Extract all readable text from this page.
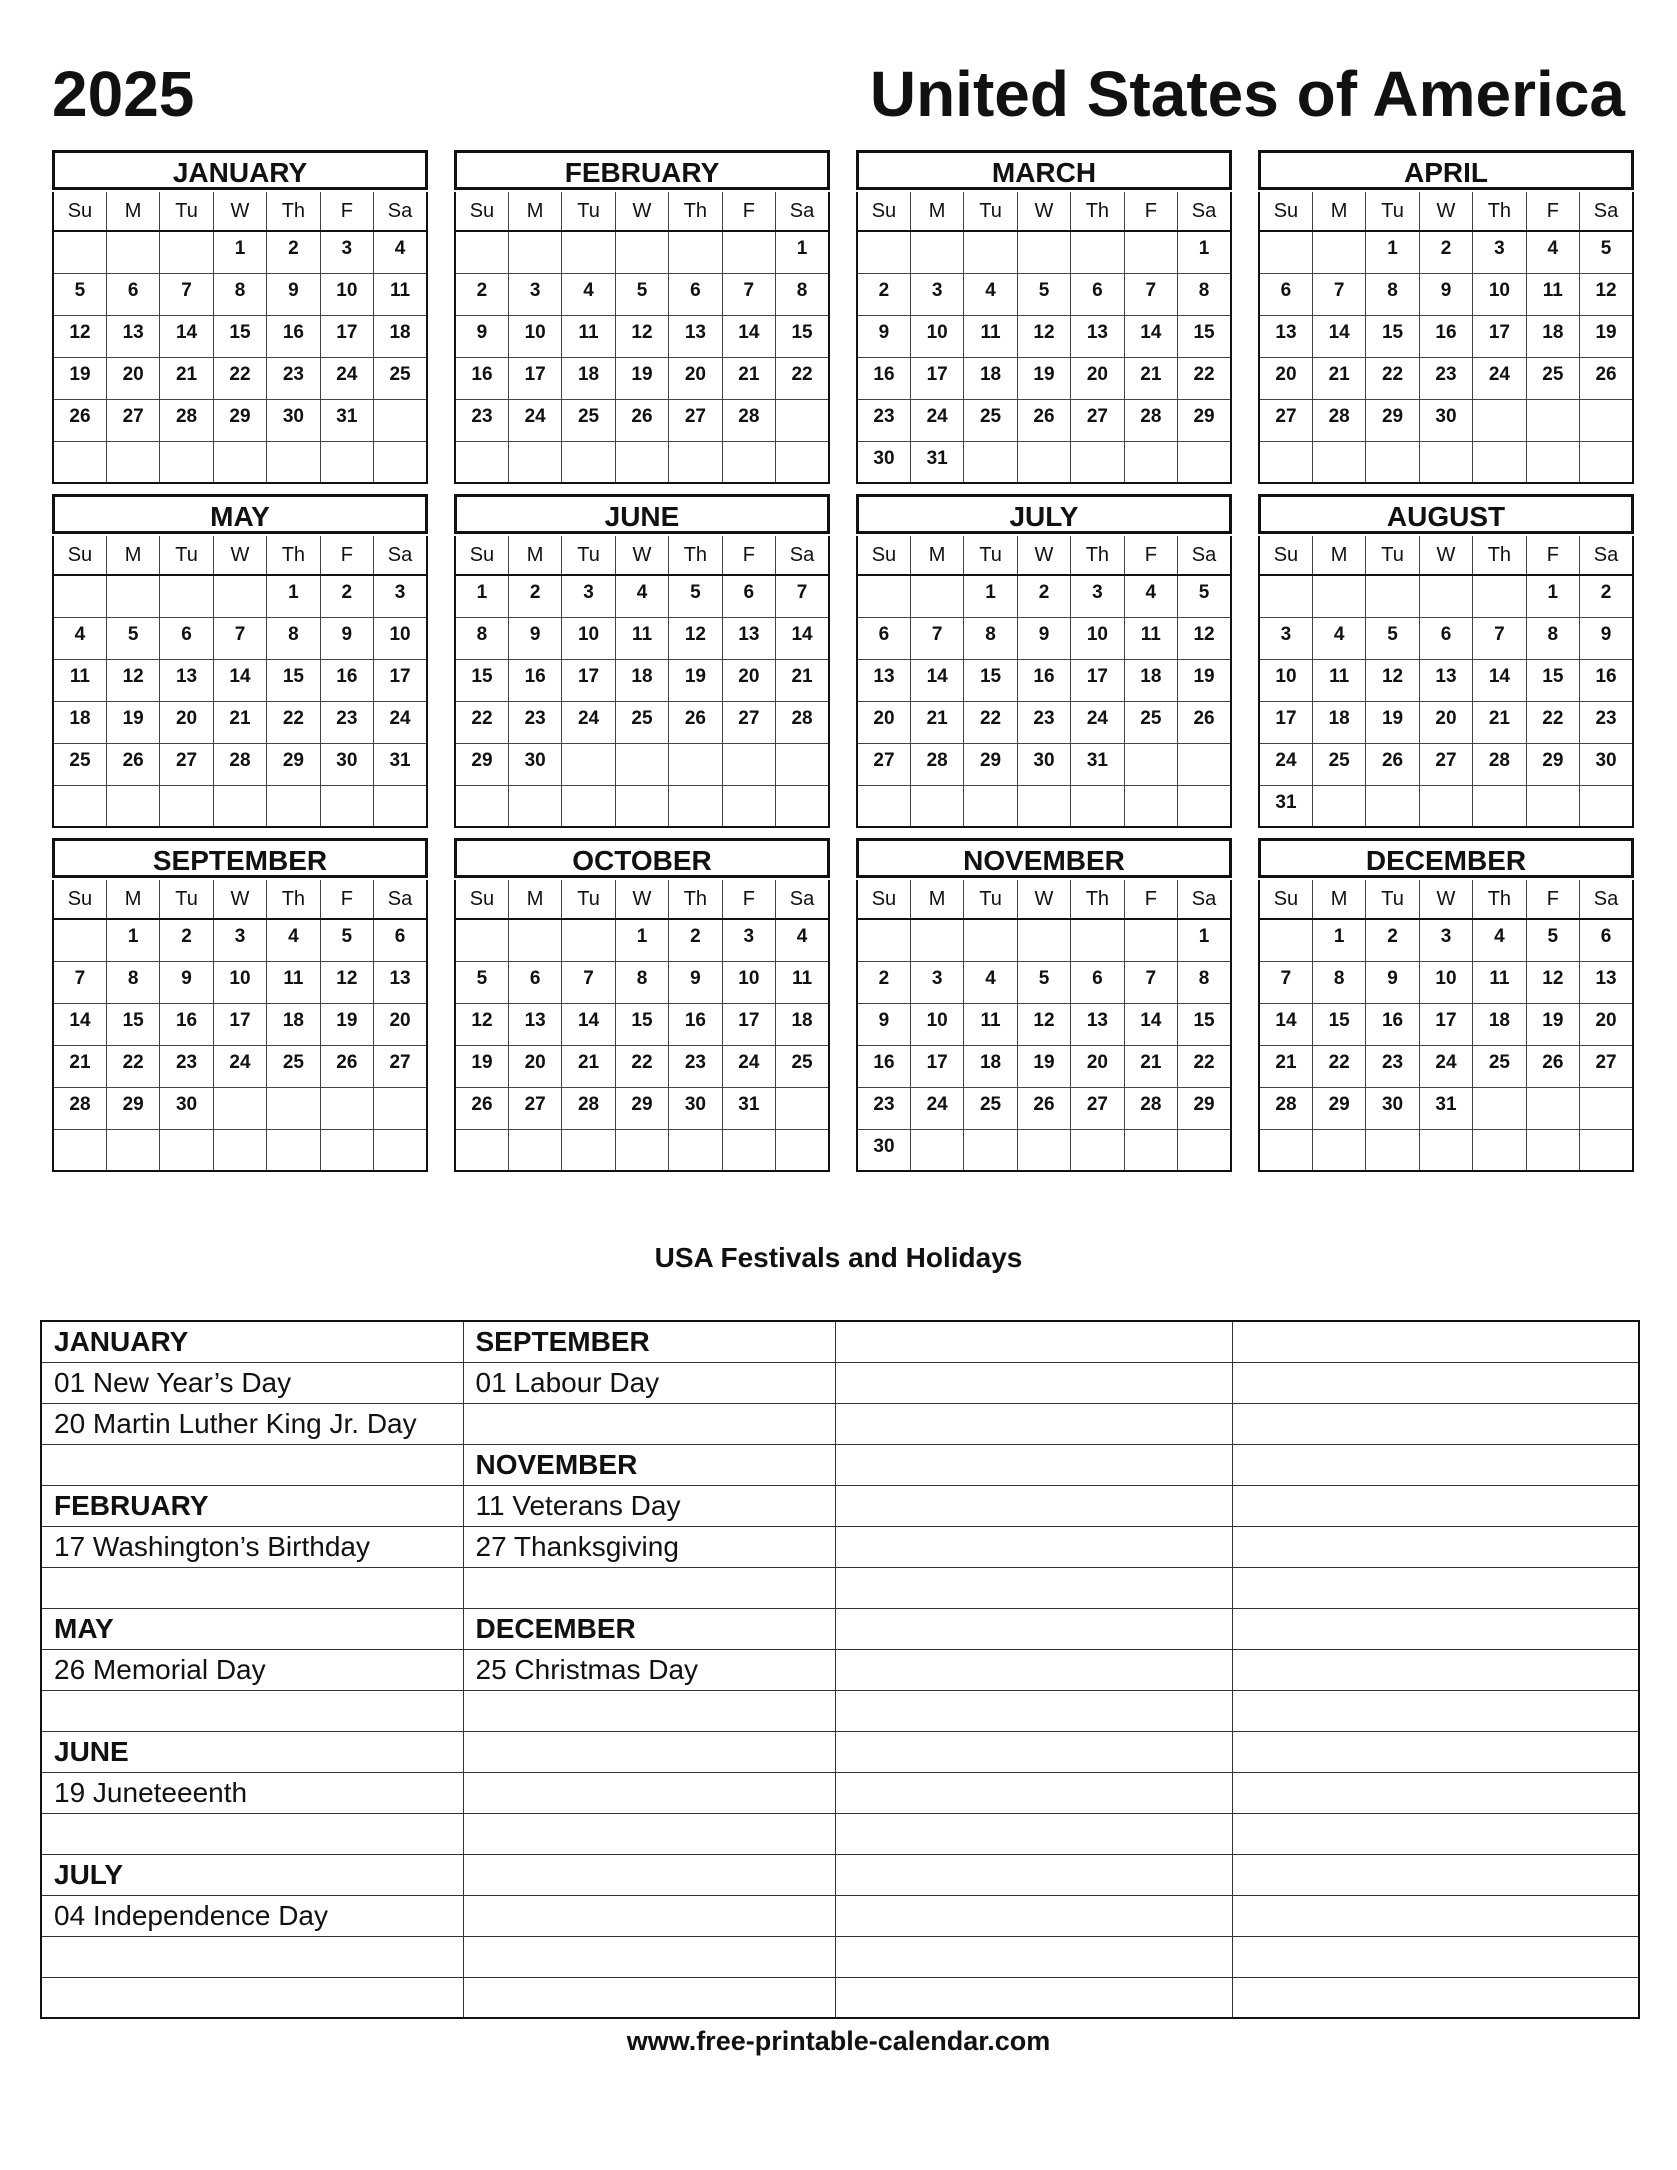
2025	United States of America
JANUARY
Su	M	Tu	W	Th	F	Sa
			1	2	3	4
5	6	7	8	9	10	11
12	13	14	15	16	17	18
19	20	21	22	23	24	25
26	27	28	29	30	31	

FEBRUARY
Su	M	Tu	W	Th	F	Sa
						1
2	3	4	5	6	7	8
9	10	11	12	13	14	15
16	17	18	19	20	21	22
23	24	25	26	27	28	

MARCH
Su	M	Tu	W	Th	F	Sa
						1
2	3	4	5	6	7	8
9	10	11	12	13	14	15
16	17	18	19	20	21	22
23	24	25	26	27	28	29
30	31					
APRIL
Su	M	Tu	W	Th	F	Sa
		1	2	3	4	5
6	7	8	9	10	11	12
13	14	15	16	17	18	19
20	21	22	23	24	25	26
27	28	29	30			

MAY
Su	M	Tu	W	Th	F	Sa
				1	2	3
4	5	6	7	8	9	10
11	12	13	14	15	16	17
18	19	20	21	22	23	24
25	26	27	28	29	30	31

JUNE
Su	M	Tu	W	Th	F	Sa
1	2	3	4	5	6	7
8	9	10	11	12	13	14
15	16	17	18	19	20	21
22	23	24	25	26	27	28
29	30					

JULY
Su	M	Tu	W	Th	F	Sa
		1	2	3	4	5
6	7	8	9	10	11	12
13	14	15	16	17	18	19
20	21	22	23	24	25	26
27	28	29	30	31		

AUGUST
Su	M	Tu	W	Th	F	Sa
					1	2
3	4	5	6	7	8	9
10	11	12	13	14	15	16
17	18	19	20	21	22	23
24	25	26	27	28	29	30
31						
SEPTEMBER
Su	M	Tu	W	Th	F	Sa
	1	2	3	4	5	6
7	8	9	10	11	12	13
14	15	16	17	18	19	20
21	22	23	24	25	26	27
28	29	30				

OCTOBER
Su	M	Tu	W	Th	F	Sa
			1	2	3	4
5	6	7	8	9	10	11
12	13	14	15	16	17	18
19	20	21	22	23	24	25
26	27	28	29	30	31	

NOVEMBER
Su	M	Tu	W	Th	F	Sa
						1
2	3	4	5	6	7	8
9	10	11	12	13	14	15
16	17	18	19	20	21	22
23	24	25	26	27	28	29
30						
DECEMBER
Su	M	Tu	W	Th	F	Sa
	1	2	3	4	5	6
7	8	9	10	11	12	13
14	15	16	17	18	19	20
21	22	23	24	25	26	27
28	29	30	31			

USA Festivals and Holidays
JANUARY	SEPTEMBER		
01 New Year’s Day	01 Labour Day		
20 Martin Luther King Jr. Day			
	NOVEMBER		
FEBRUARY	11 Veterans Day		
17 Washington’s Birthday	27 Thanksgiving		

MAY	DECEMBER		
26 Memorial Day	25 Christmas Day		

JUNE			
19 Juneteeenth			

JULY			
04 Independence Day			

www.free-printable-calendar.com
